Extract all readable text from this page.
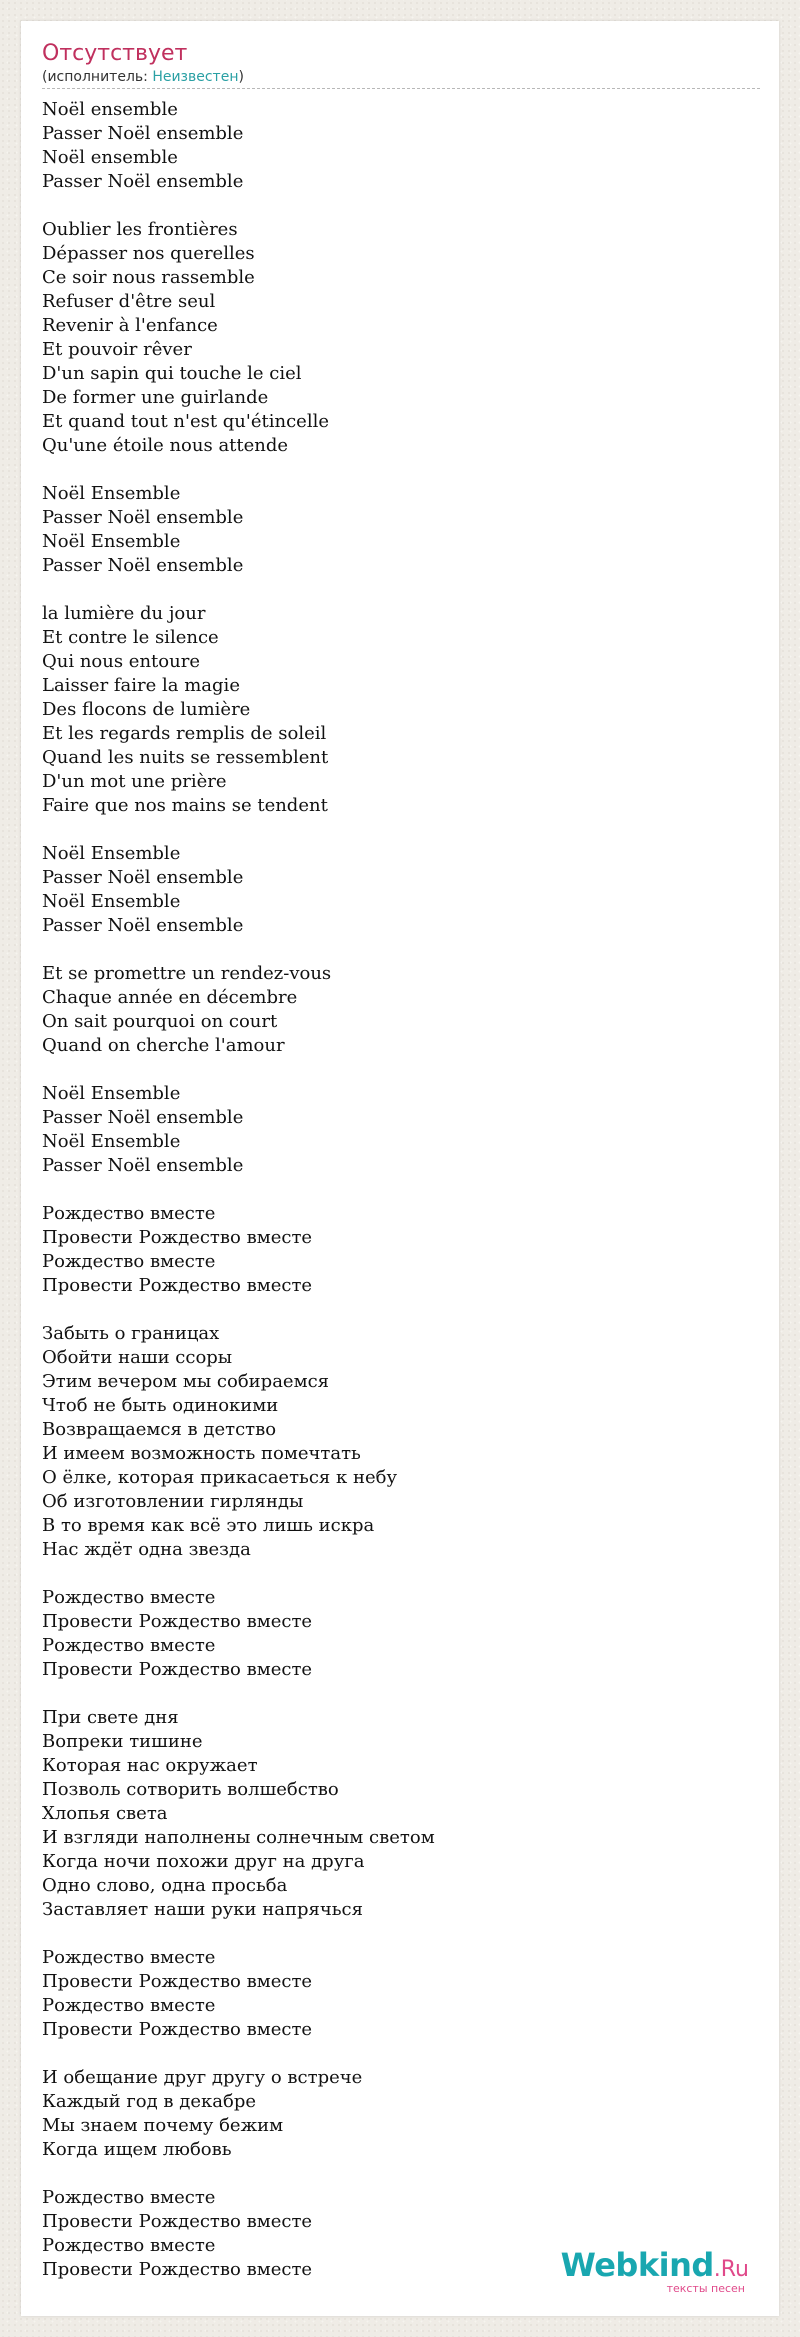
Отсутствует
(исполнитель: Неизвестен)
Noël ensemble
Passer Noël ensemble
Noël ensemble
Passer Noël ensemble
Oublier les frontières
Dépasser nos querelles
Ce soir nous rassemble
Refuser d'être seul
Revenir à l'enfance
Et pouvoir rêver
D'un sapin qui touche le ciel
De former une guirlande
Et quand tout n'est qu'étincelle
Qu'une étoile nous attende
Noël Ensemble
Passer Noël ensemble
Noël Ensemble
Passer Noël ensemble
la lumière du jour
Et contre le silence
Qui nous entoure
Laisser faire la magie
Des flocons de lumière
Et les regards remplis de soleil
Quand les nuits se ressemblent
D'un mot une prière
Faire que nos mains se tendent
Noël Ensemble
Passer Noël ensemble
Noël Ensemble
Passer Noël ensemble
Et se promettre un rendez-vous
Chaque année en décembre
On sait pourquoi on court
Quand on cherche l'amour
Noël Ensemble
Passer Noël ensemble
Noël Ensemble
Passer Noël ensemble
Рождество вместе
Провести Рождество вместе
Рождество вместе
Провести Рождество вместе
Забыть о границах
Обойти наши ссоры
Этим вечером мы собираемся
Чтоб не быть одинокими
Возвращаемся в детство
И имеем возможность помечтать
О ёлке, которая прикасаеться к небу
Об изготовлении гирлянды
В то время как всё это лишь искра
Нас ждёт одна звезда
Рождество вместе
Провести Рождество вместе
Рождество вместе
Провести Рождество вместе
При свете дня
Вопреки тишине
Которая нас окружает
Позволь сотворить волшебство
Хлопья света
И взгляди наполнены солнечным светом
Когда ночи похожи друг на друга
Одно слово, одна просьба
Заставляет наши руки напрячься
Рождество вместе
Провести Рождество вместе
Рождество вместе
Провести Рождество вместе
И обещание друг другу о встрече
Каждый год в декабре
Мы знаем почему бежим
Когда ищем любовь
Рождество вместе
Провести Рождество вместе
Рождество вместе
Провести Рождество вместе	Webkind.Ru
тексты песен
